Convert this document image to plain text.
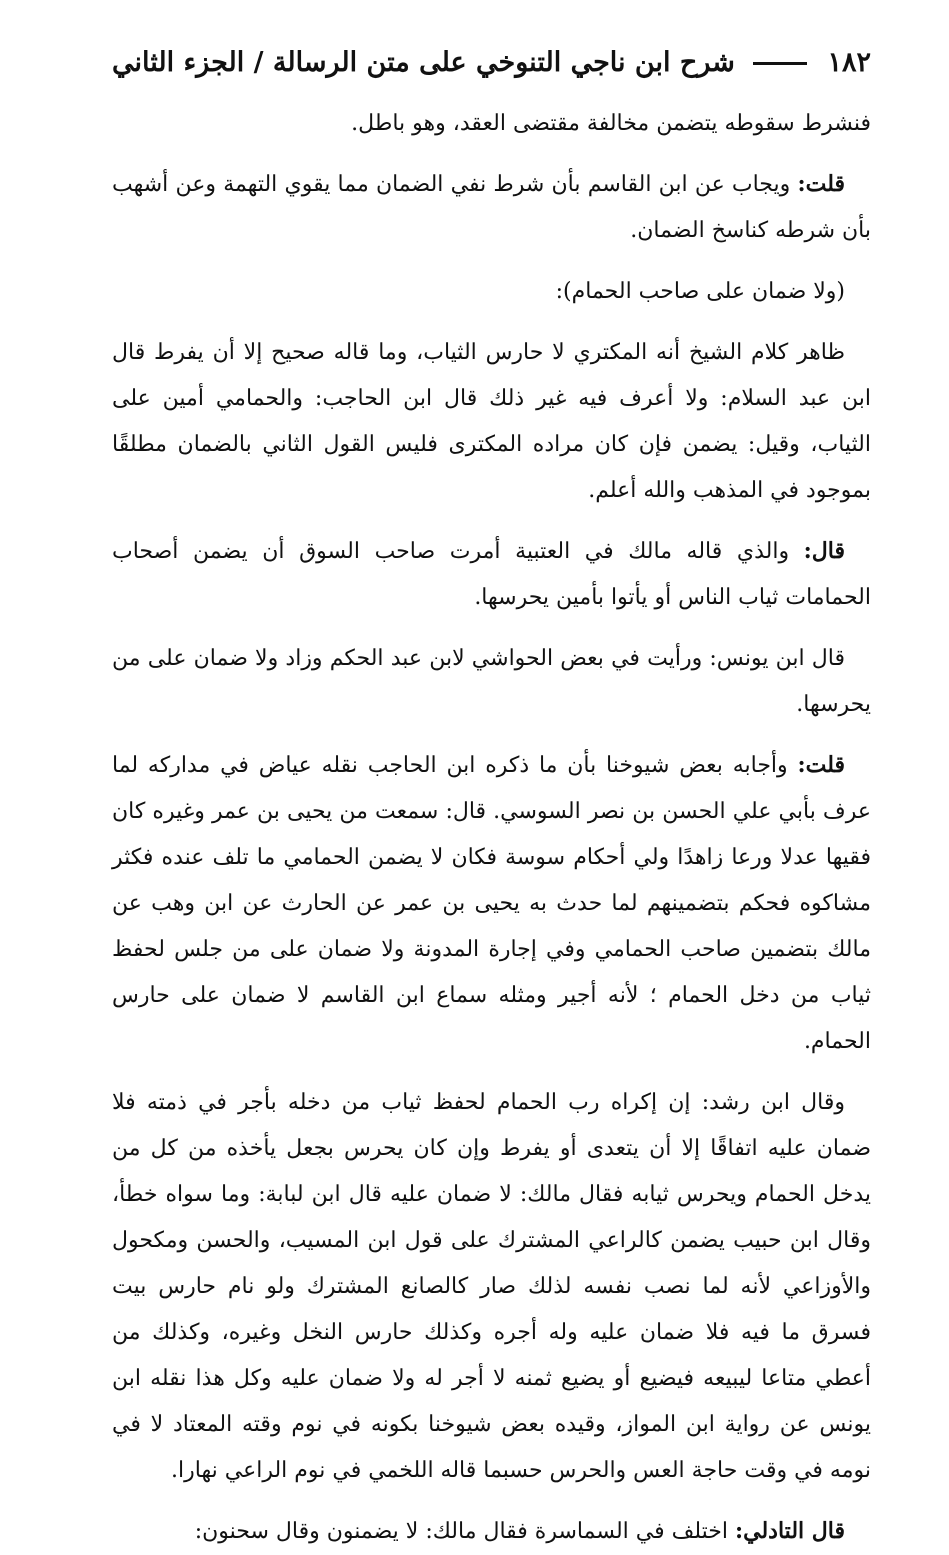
١٨٢
شرح ابن ناجي التنوخي على متن الرسالة / الجزء الثاني

فنشرط سقوطه يتضمن مخالفة مقتضى العقد، وهو باطل.

قلت: ويجاب عن ابن القاسم بأن شرط نفي الضمان مما يقوي التهمة وعن أشهب بأن شرطه كناسخ الضمان.

(ولا ضمان على صاحب الحمام):

ظاهر كلام الشيخ أنه المكتري لا حارس الثياب، وما قاله صحيح إلا أن يفرط قال ابن عبد السلام: ولا أعرف فيه غير ذلك قال ابن الحاجب: والحمامي أمين على الثياب، وقيل: يضمن فإن كان مراده المكترى فليس القول الثاني بالضمان مطلقًا بموجود في المذهب والله أعلم.

قال: والذي قاله مالك في العتبية أمرت صاحب السوق أن يضمن أصحاب الحمامات ثياب الناس أو يأتوا بأمين يحرسها.

قال ابن يونس: ورأيت في بعض الحواشي لابن عبد الحكم وزاد ولا ضمان على من يحرسها.

قلت: وأجابه بعض شيوخنا بأن ما ذكره ابن الحاجب نقله عياض في مداركه لما عرف بأبي علي الحسن بن نصر السوسي. قال: سمعت من يحيى بن عمر وغيره كان فقيها عدلا ورعا زاهدًا ولي أحكام سوسة فكان لا يضمن الحمامي ما تلف عنده فكثر مشاكوه فحكم بتضمينهم لما حدث به يحيى بن عمر عن الحارث عن ابن وهب عن مالك بتضمين صاحب الحمامي وفي إجارة المدونة ولا ضمان على من جلس لحفظ ثياب من دخل الحمام ؛ لأنه أجير ومثله سماع ابن القاسم لا ضمان على حارس الحمام.

وقال ابن رشد: إن إكراه رب الحمام لحفظ ثياب من دخله بأجر في ذمته فلا ضمان عليه اتفاقًا إلا أن يتعدى أو يفرط وإن كان يحرس بجعل يأخذه من كل من يدخل الحمام ويحرس ثيابه فقال مالك: لا ضمان عليه قال ابن لبابة: وما سواه خطأ، وقال ابن حبيب يضمن كالراعي المشترك على قول ابن المسيب، والحسن ومكحول والأوزاعي لأنه لما نصب نفسه لذلك صار كالصانع المشترك ولو نام حارس بيت فسرق ما فيه فلا ضمان عليه وله أجره وكذلك حارس النخل وغيره، وكذلك من أعطي متاعا ليبيعه فيضيع أو يضيع ثمنه لا أجر له ولا ضمان عليه وكل هذا نقله ابن يونس عن رواية ابن المواز، وقيده بعض شيوخنا بكونه في نوم وقته المعتاد لا في نومه في وقت حاجة العس والحرس حسبما قاله اللخمي في نوم الراعي نهارا.

قال التادلي: اختلف في السماسرة فقال مالك: لا يضمنون وقال سحنون:
